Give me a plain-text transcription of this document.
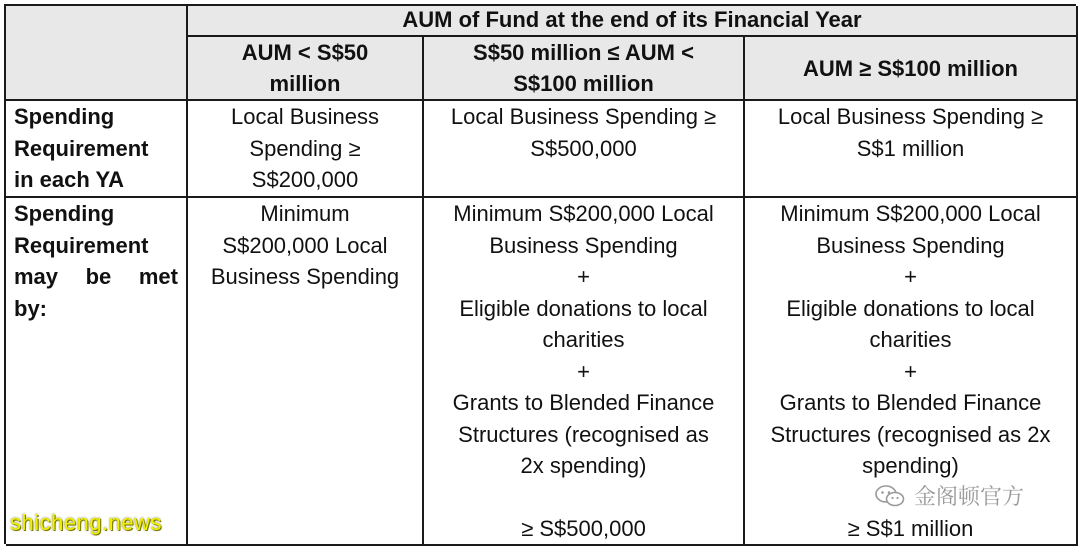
AUM of Fund at the end of its Financial Year
AUM < S$50
million
S$50 million ≤ AUM <
S$100 million
AUM ≥ S$100 million
Spending
Requirement
in each YA
Local Business
Spending ≥
S$200,000
Local Business Spending ≥
S$500,000
Local Business Spending ≥
S$1 million
Spending
Requirement
may be met
by:
Minimum
S$200,000 Local
Business Spending
Minimum S$200,000 Local
Business Spending
+
Eligible donations to local
charities
+
Grants to Blended Finance
Structures (recognised as
2x spending)
≥ S$500,000
Minimum S$200,000 Local
Business Spending
+
Eligible donations to local
charities
+
Grants to Blended Finance
Structures (recognised as 2x
spending)
≥ S$1 million
shicheng.news
金阁顿官方
